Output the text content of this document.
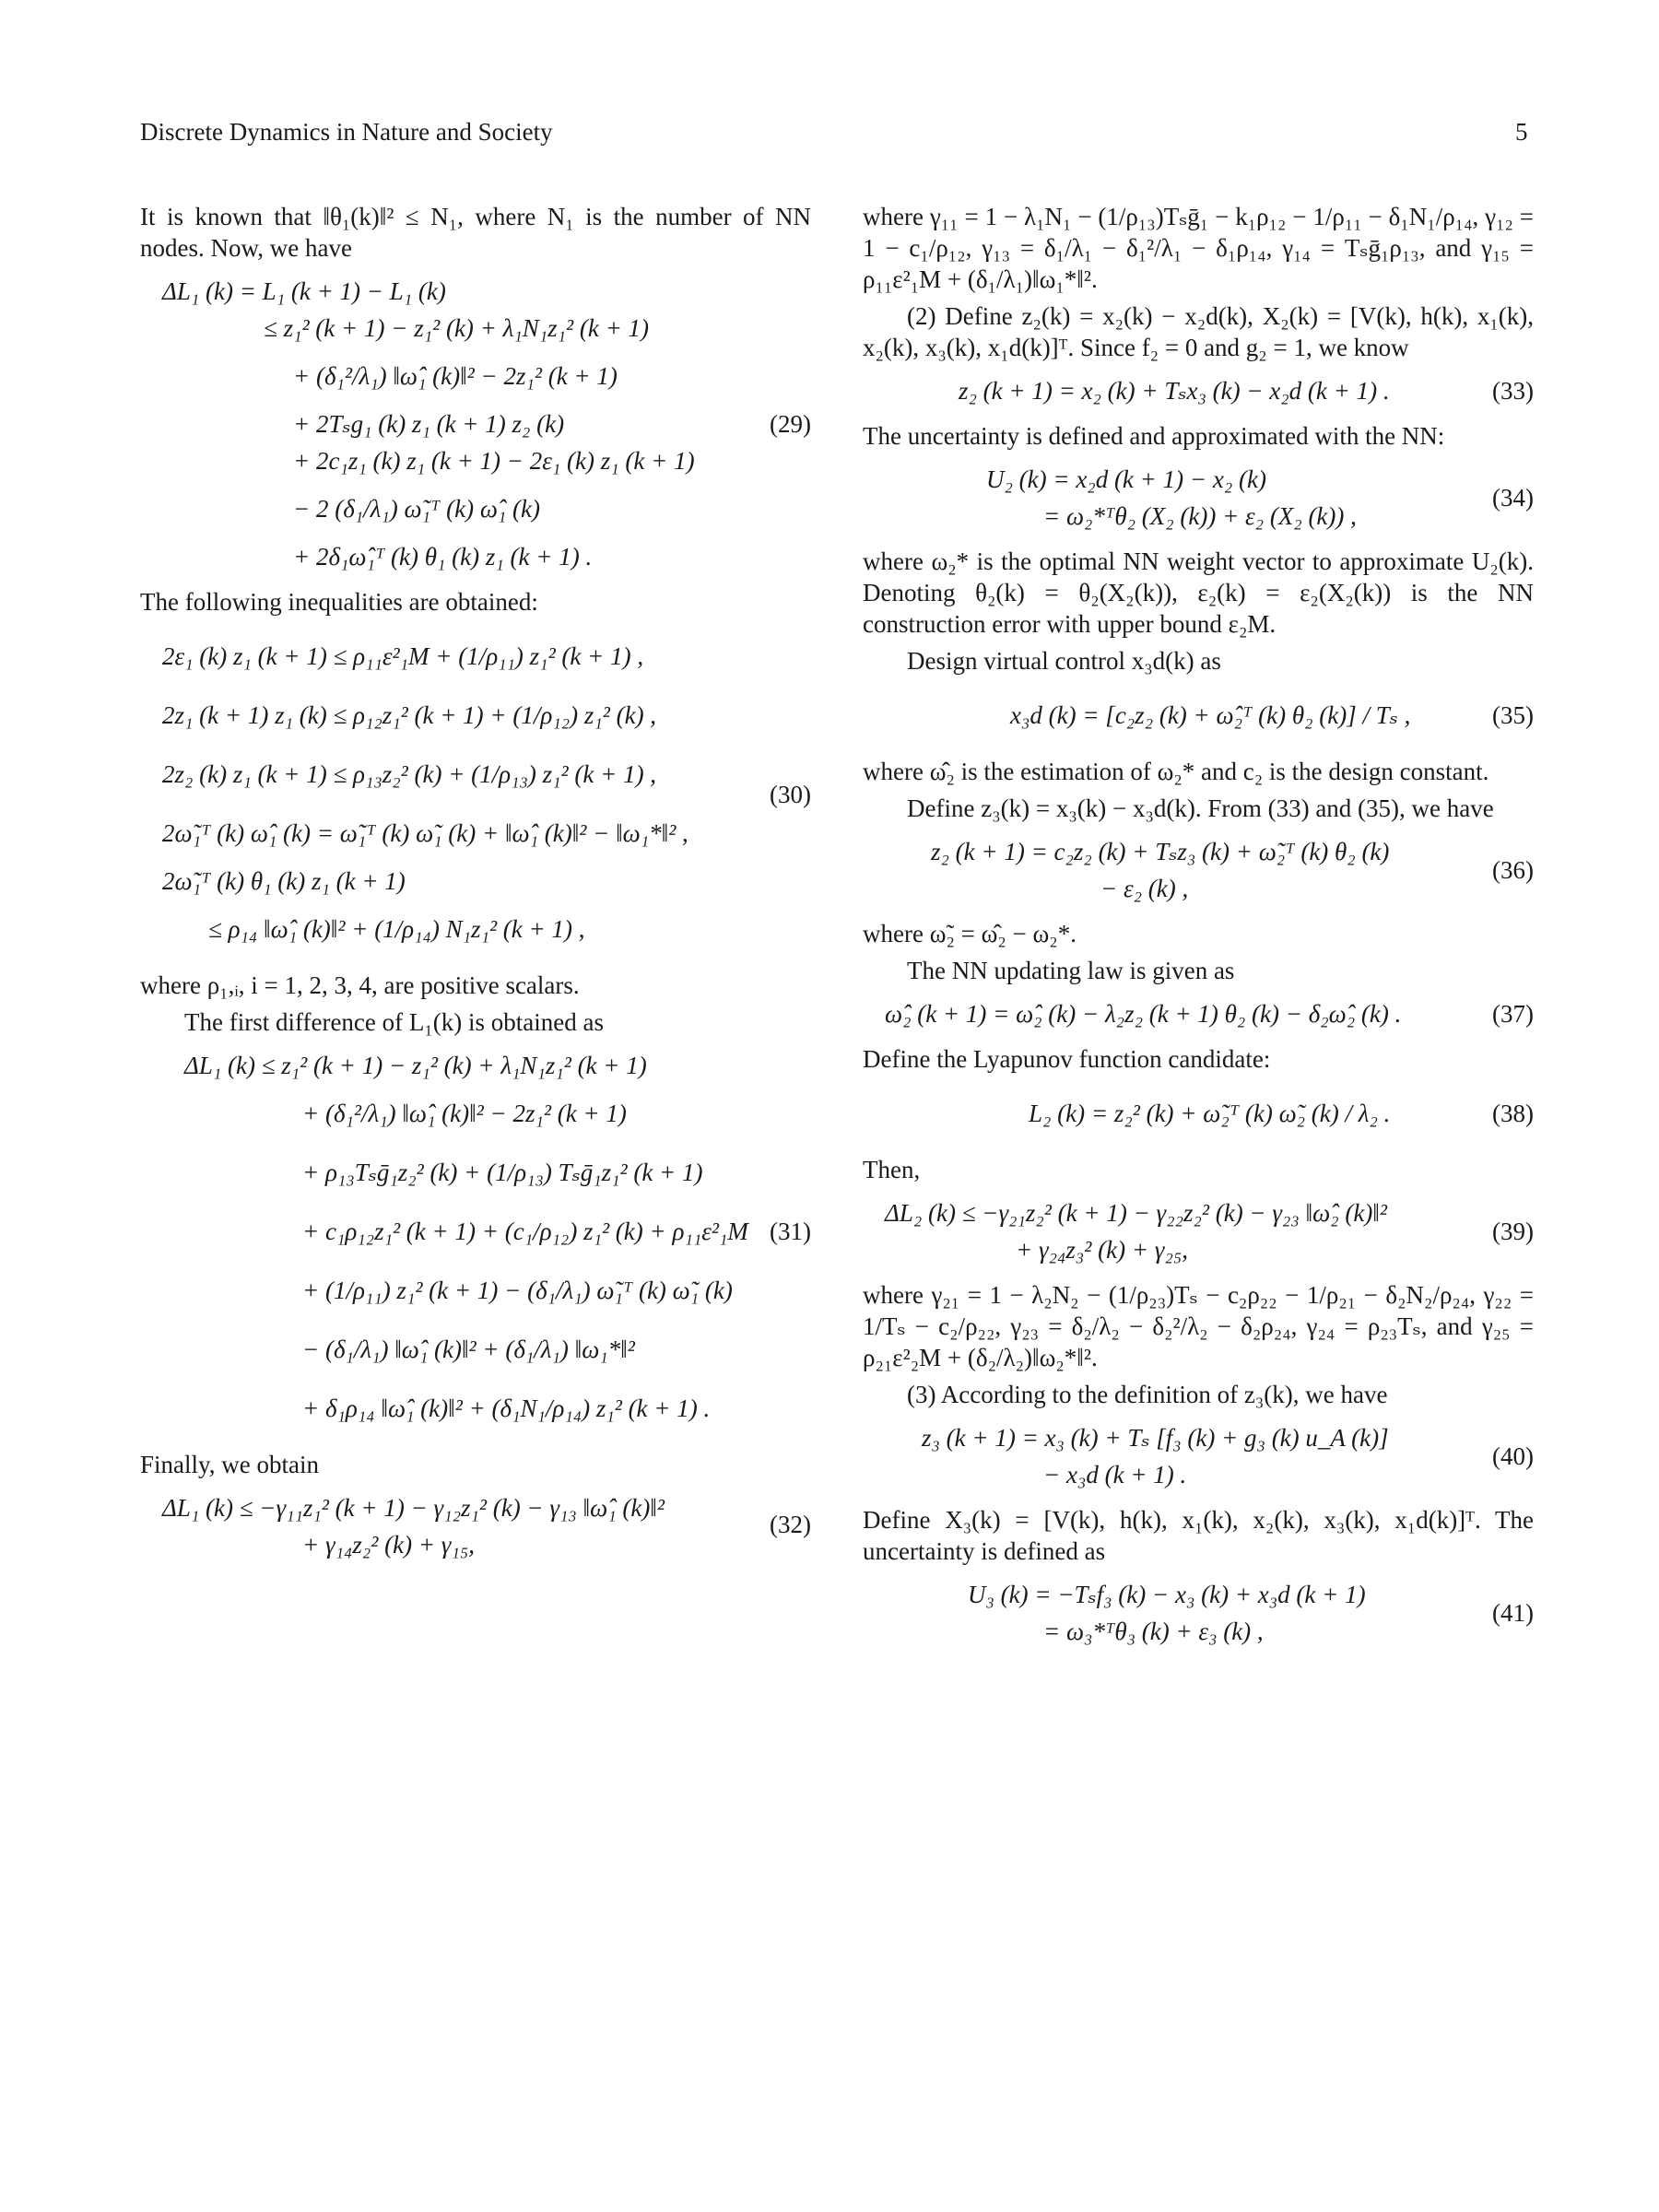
Discrete Dynamics in Nature and Society	5

It is known that ‖θ₁(k)‖² ≤ N₁, where N₁ is the number of NN nodes. Now, we have

ΔL₁ (k) = L₁ (k + 1) − L₁ (k)
≤ z₁² (k + 1) − z₁² (k) + λ₁N₁z₁² (k + 1)
+ (δ₁²/λ₁) ‖ω̂₁ (k)‖² − 2z₁² (k + 1)
+ 2Tₛg₁ (k) z₁ (k + 1) z₂ (k)	(29)
+ 2c₁z₁ (k) z₁ (k + 1) − 2ε₁ (k) z₁ (k + 1)
− 2 (δ₁/λ₁) ω̃₁ᵀ (k) ω̂₁ (k)
+ 2δ₁ω̂₁ᵀ (k) θ₁ (k) z₁ (k + 1) .

The following inequalities are obtained:

2ε₁ (k) z₁ (k + 1) ≤ ρ₁₁ε²₁M + (1/ρ₁₁) z₁² (k + 1) ,
2z₁ (k + 1) z₁ (k) ≤ ρ₁₂z₁² (k + 1) + (1/ρ₁₂) z₁² (k) ,
2z₂ (k) z₁ (k + 1) ≤ ρ₁₃z₂² (k) + (1/ρ₁₃) z₁² (k + 1) ,
(30)
2ω̃₁ᵀ (k) ω̂₁ (k) = ω̃₁ᵀ (k) ω̃₁ (k) + ‖ω̂₁ (k)‖² − ‖ω₁*‖² ,
2ω̃₁ᵀ (k) θ₁ (k) z₁ (k + 1)
≤ ρ₁₄ ‖ω̂₁ (k)‖² + (1/ρ₁₄) N₁z₁² (k + 1) ,

where ρ₁,ᵢ, i = 1, 2, 3, 4, are positive scalars.

The first difference of L₁(k) is obtained as

ΔL₁ (k) ≤ z₁² (k + 1) − z₁² (k) + λ₁N₁z₁² (k + 1)
+ (δ₁²/λ₁) ‖ω̂₁ (k)‖² − 2z₁² (k + 1)
+ ρ₁₃Tₛḡ₁z₂² (k) + (1/ρ₁₃) Tₛḡ₁z₁² (k + 1)
+ c₁ρ₁₂z₁² (k + 1) + (c₁/ρ₁₂) z₁² (k) + ρ₁₁ε²₁M (31)
+ (1/ρ₁₁) z₁² (k + 1) − (δ₁/λ₁) ω̃₁ᵀ (k) ω̃₁ (k)
− (δ₁/λ₁) ‖ω̂₁ (k)‖² + (δ₁/λ₁) ‖ω₁*‖²
+ δ₁ρ₁₄ ‖ω̂₁ (k)‖² + (δ₁N₁/ρ₁₄) z₁² (k + 1) .

Finally, we obtain

ΔL₁ (k) ≤ −γ₁₁z₁² (k + 1) − γ₁₂z₁² (k) − γ₁₃ ‖ω̂₁ (k)‖²
+ γ₁₄z₂² (k) + γ₁₅,
(32)

where γ₁₁ = 1 − λ₁N₁ − (1/ρ₁₃)Tₛḡ₁ − k₁ρ₁₂ − 1/ρ₁₁ − δ₁N₁/ρ₁₄, γ₁₂ = 1 − c₁/ρ₁₂, γ₁₃ = δ₁/λ₁ − δ₁²/λ₁ − δ₁ρ₁₄, γ₁₄ = Tₛḡ₁ρ₁₃, and γ₁₅ = ρ₁₁ε²₁M + (δ₁/λ₁)‖ω₁*‖².

(2) Define z₂(k) = x₂(k) − x₂d(k), X₂(k) = [V(k), h(k), x₁(k), x₂(k), x₃(k), x₁d(k)]ᵀ. Since f₂ = 0 and g₂ = 1, we know

z₂ (k + 1) = x₂ (k) + Tₛx₃ (k) − x₂d (k + 1) .	(33)

The uncertainty is defined and approximated with the NN:

U₂ (k) = x₂d (k + 1) − x₂ (k)
= ω₂*ᵀθ₂ (X₂ (k)) + ε₂ (X₂ (k)) ,
(34)

where ω₂* is the optimal NN weight vector to approximate U₂(k). Denoting θ₂(k) = θ₂(X₂(k)), ε₂(k) = ε₂(X₂(k)) is the NN construction error with upper bound ε₂M.

Design virtual control x₃d(k) as

x₃d (k) = [c₂z₂ (k) + ω̂₂ᵀ (k) θ₂ (k)] / Tₛ ,	(35)

where ω̂₂ is the estimation of ω₂* and c₂ is the design constant.

Define z₃(k) = x₃(k) − x₃d(k). From (33) and (35), we have

z₂ (k + 1) = c₂z₂ (k) + Tₛz₃ (k) + ω̃₂ᵀ (k) θ₂ (k)
− ε₂ (k) ,
(36)

where ω̃₂ = ω̂₂ − ω₂*.

The NN updating law is given as

ω̂₂ (k + 1) = ω̂₂ (k) − λ₂z₂ (k + 1) θ₂ (k) − δ₂ω̂₂ (k) .	(37)

Define the Lyapunov function candidate:

L₂ (k) = z₂² (k) + ω̃₂ᵀ (k) ω̃₂ (k) / λ₂ .	(38)

Then,

ΔL₂ (k) ≤ −γ₂₁z₂² (k + 1) − γ₂₂z₂² (k) − γ₂₃ ‖ω̂₂ (k)‖²
+ γ₂₄z₃² (k) + γ₂₅,
(39)

where γ₂₁ = 1 − λ₂N₂ − (1/ρ₂₃)Tₛ − c₂ρ₂₂ − 1/ρ₂₁ − δ₂N₂/ρ₂₄, γ₂₂ = 1/Tₛ − c₂/ρ₂₂, γ₂₃ = δ₂/λ₂ − δ₂²/λ₂ − δ₂ρ₂₄, γ₂₄ = ρ₂₃Tₛ, and γ₂₅ = ρ₂₁ε²₂M + (δ₂/λ₂)‖ω₂*‖².

(3) According to the definition of z₃(k), we have

z₃ (k + 1) = x₃ (k) + Tₛ [f₃ (k) + g₃ (k) u_A (k)]
− x₃d (k + 1) .
(40)

Define X₃(k) = [V(k), h(k), x₁(k), x₂(k), x₃(k), x₁d(k)]ᵀ. The uncertainty is defined as

U₃ (k) = −Tₛf₃ (k) − x₃ (k) + x₃d (k + 1)
= ω₃*ᵀθ₃ (k) + ε₃ (k) ,
(41)
